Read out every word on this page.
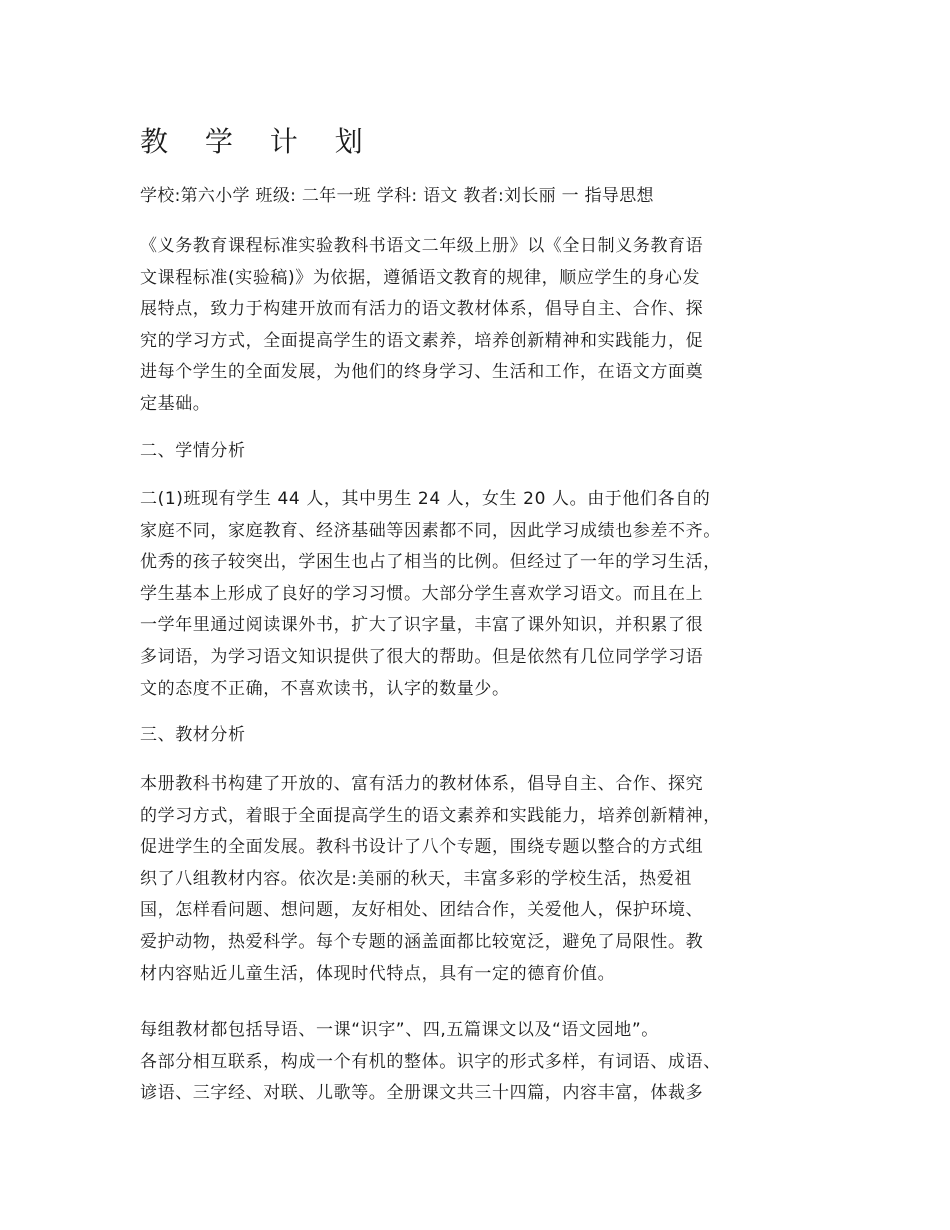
教 学 计 划
学校:第六小学 班级: 二年一班 学科: 语文 教者:刘长丽 一 指导思想
《义务教育课程标准实验教科书语文二年级上册》以《全日制义务教育语
文课程标准(实验稿)》为依据，遵循语文教育的规律，顺应学生的身心发
展特点，致力于构建开放而有活力的语文教材体系，倡导自主、合作、探
究的学习方式，全面提高学生的语文素养，培养创新精神和实践能力，促
进每个学生的全面发展，为他们的终身学习、生活和工作，在语文方面奠
定基础。
二、学情分析
二(1)班现有学生 44 人，其中男生 24 人，女生 20 人。由于他们各自的
家庭不同，家庭教育、经济基础等因素都不同，因此学习成绩也参差不齐。
优秀的孩子较突出，学困生也占了相当的比例。但经过了一年的学习生活，
学生基本上形成了良好的学习习惯。大部分学生喜欢学习语文。而且在上
一学年里通过阅读课外书，扩大了识字量，丰富了课外知识，并积累了很
多词语，为学习语文知识提供了很大的帮助。但是依然有几位同学学习语
文的态度不正确，不喜欢读书，认字的数量少。
三、教材分析
本册教科书构建了开放的、富有活力的教材体系，倡导自主、合作、探究
的学习方式，着眼于全面提高学生的语文素养和实践能力，培养创新精神，
促进学生的全面发展。教科书设计了八个专题，围绕专题以整合的方式组
织了八组教材内容。依次是:美丽的秋天，丰富多彩的学校生活，热爱祖
国，怎样看问题、想问题，友好相处、团结合作，关爱他人，保护环境、
爱护动物，热爱科学。每个专题的涵盖面都比较宽泛，避免了局限性。教
材内容贴近儿童生活，体现时代特点，具有一定的德育价值。
每组教材都包括导语、一课“识字”、四,五篇课文以及“语文园地”。
各部分相互联系，构成一个有机的整体。识字的形式多样，有词语、成语、
谚语、三字经、对联、儿歌等。全册课文共三十四篇，内容丰富，体裁多
